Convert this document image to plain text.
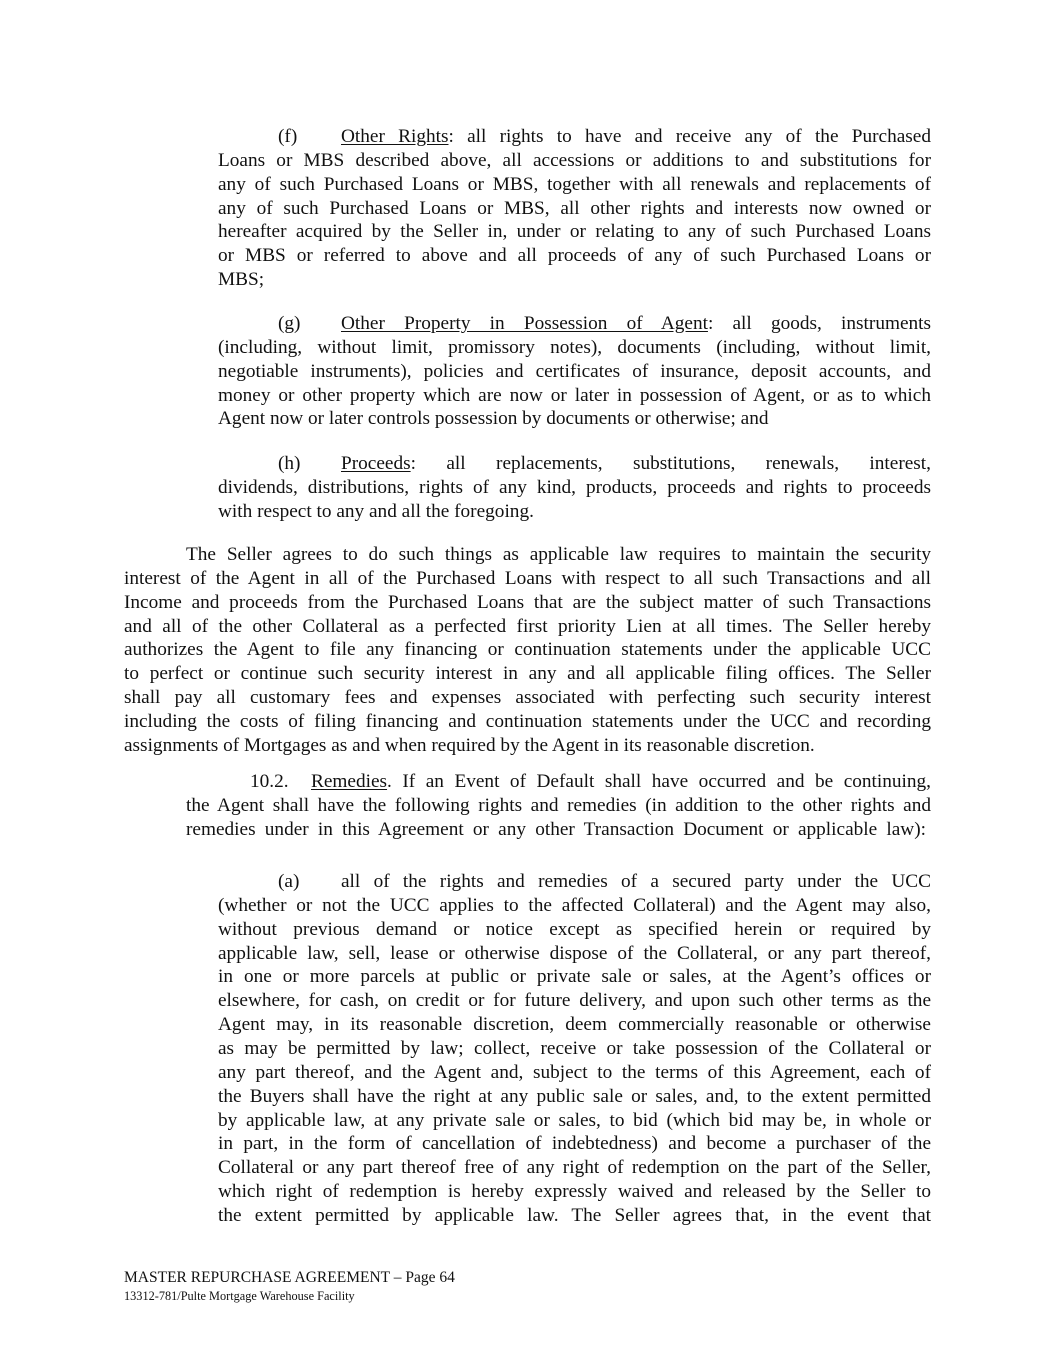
MASTER REPURCHASE AGREEMENT – Page 64
13312-781/Pulte Mortgage Warehouse Facility
(f)	Other Rights: all rights to have and receive any of the Purchased
Loans or MBS described above, all accessions or additions to and substitutions for
any of such Purchased Loans or MBS, together with all renewals and replacements of
any of such Purchased Loans or MBS, all other rights and interests now owned or
hereafter acquired by the Seller in, under or relating to any of such Purchased Loans
or MBS or referred to above and all proceeds of any of such Purchased Loans or
MBS;
(g)	Other Property in Possession of Agent: all goods, instruments
(including, without limit, promissory notes), documents (including, without limit,
negotiable instruments), policies and certificates of insurance, deposit accounts, and
money or other property which are now or later in possession of Agent, or as to which
Agent now or later controls possession by documents or otherwise; and
(h)	Proceeds: all replacements, substitutions, renewals, interest,
dividends, distributions, rights of any kind, products, proceeds and rights to proceeds
with respect to any and all the foregoing.
The Seller agrees to do such things as applicable law requires to maintain the security
interest of the Agent in all of the Purchased Loans with respect to all such Transactions and all
Income and proceeds from the Purchased Loans that are the subject matter of such Transactions
and all of the other Collateral as a perfected first priority Lien at all times. The Seller hereby
authorizes the Agent to file any financing or continuation statements under the applicable UCC
to perfect or continue such security interest in any and all applicable filing offices. The Seller
shall pay all customary fees and expenses associated with perfecting such security interest
including the costs of filing financing and continuation statements under the UCC and recording
assignments of Mortgages as and when required by the Agent in its reasonable discretion.
10.2.	Remedies. If an Event of Default shall have occurred and be continuing,
the Agent shall have the following rights and remedies (in addition to the other rights and
remedies under in this Agreement or any other Transaction Document or applicable law):
(a)	all of the rights and remedies of a secured party under the UCC
(whether or not the UCC applies to the affected Collateral) and the Agent may also,
without previous demand or notice except as specified herein or required by
applicable law, sell, lease or otherwise dispose of the Collateral, or any part thereof,
in one or more parcels at public or private sale or sales, at the Agent’s offices or
elsewhere, for cash, on credit or for future delivery, and upon such other terms as the
Agent may, in its reasonable discretion, deem commercially reasonable or otherwise
as may be permitted by law; collect, receive or take possession of the Collateral or
any part thereof, and the Agent and, subject to the terms of this Agreement, each of
the Buyers shall have the right at any public sale or sales, and, to the extent permitted
by applicable law, at any private sale or sales, to bid (which bid may be, in whole or
in part, in the form of cancellation of indebtedness) and become a purchaser of the
Collateral or any part thereof free of any right of redemption on the part of the Seller,
which right of redemption is hereby expressly waived and released by the Seller to
the extent permitted by applicable law. The Seller agrees that, in the event that
